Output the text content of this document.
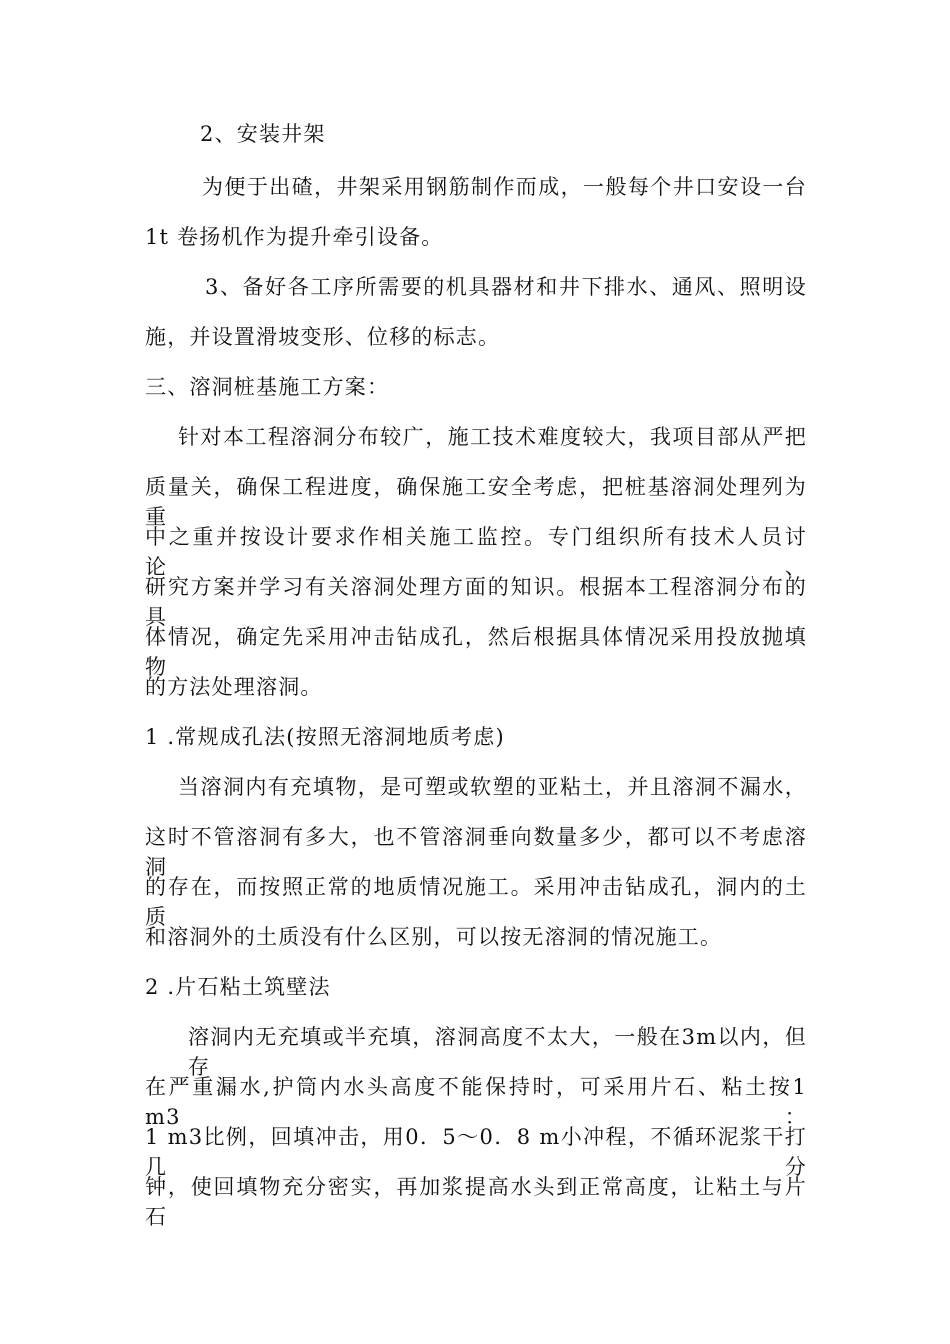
2、安装井架
为便于出碴，井架采用钢筋制作而成，一般每个井口安设一台
1t 卷扬机作为提升牵引设备。
3、备好各工序所需要的机具器材和井下排水、通风、照明设
施，并设置滑坡变形、位移的标志。
三、溶洞桩基施工方案：
针对本工程溶洞分布较广，施工技术难度较大，我项目部从严把
质量关，确保工程进度，确保施工安全考虑，把桩基溶洞处理列为重
中之重并按设计要求作相关施工监控。专门组织所有技术人员讨论、
研究方案并学习有关溶洞处理方面的知识。根据本工程溶洞分布的具
体情况，确定先采用冲击钻成孔，然后根据具体情况采用投放抛填物
的方法处理溶洞。
1 .常规成孔法(按照无溶洞地质考虑)
当溶洞内有充填物，是可塑或软塑的亚粘土，并且溶洞不漏水，
这时不管溶洞有多大，也不管溶洞垂向数量多少，都可以不考虑溶洞
的存在，而按照正常的地质情况施工。采用冲击钻成孔，洞内的土质
和溶洞外的土质没有什么区别，可以按无溶洞的情况施工。
2 .片石粘土筑壁法
溶洞内无充填或半充填，溶洞高度不太大，一般在3m以内，但存
在严重漏水,护筒内水头高度不能保持时，可采用片石、粘土按1 m3：
1 m3比例，回填冲击，用0．5～0．8 m小冲程，不循环泥浆干打几分
钟，使回填物充分密实，再加浆提高水头到正常高度，让粘土与片石
